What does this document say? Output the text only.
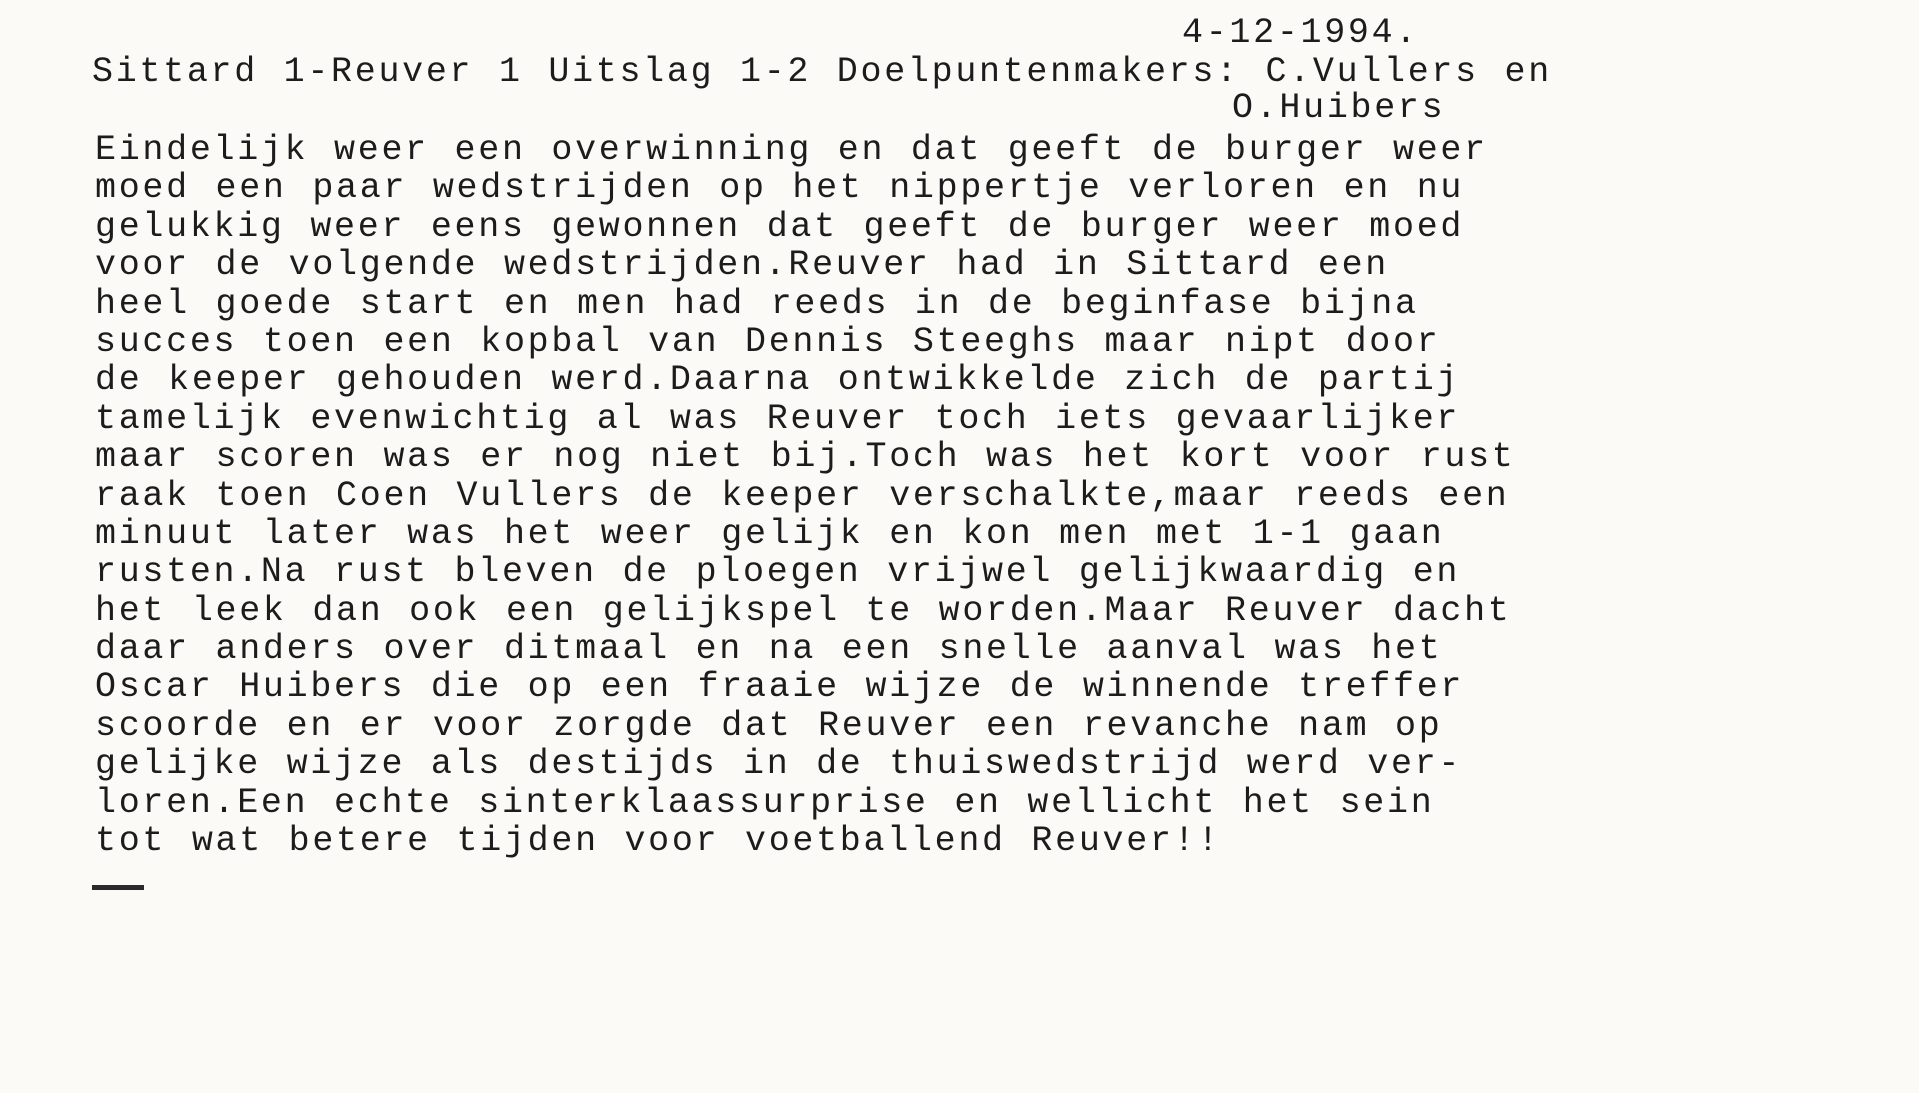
4-12-1994.

Sittard 1-Reuver 1 Uitslag 1-2 Doelpuntenmakers: C.Vullers en

O.Huibers

Eindelijk weer een overwinning en dat geeft de burger weer

moed een paar wedstrijden op het nippertje verloren en nu

gelukkig weer eens gewonnen dat geeft de burger weer moed

voor de volgende wedstrijden.Reuver had in Sittard een

heel goede start en men had reeds in de beginfase bijna

succes toen een kopbal van Dennis Steeghs maar nipt door

de keeper gehouden werd.Daarna ontwikkelde zich de partij

tamelijk evenwichtig al was Reuver toch iets gevaarlijker

maar scoren was er nog niet bij.Toch was het kort voor rust

raak toen Coen Vullers de keeper verschalkte,maar reeds een

minuut later was het weer gelijk en kon men met 1-1 gaan

rusten.Na rust bleven de ploegen vrijwel gelijkwaardig en

het leek dan ook een gelijkspel te worden.Maar Reuver dacht

daar anders over ditmaal en na een snelle aanval was het

Oscar Huibers die op een fraaie wijze de winnende treffer

scoorde en er voor zorgde dat Reuver een revanche nam op

gelijke wijze als destijds in de thuiswedstrijd werd ver-

loren.Een echte sinterklaassurprise en wellicht het sein

tot wat betere tijden voor voetballend Reuver!!
